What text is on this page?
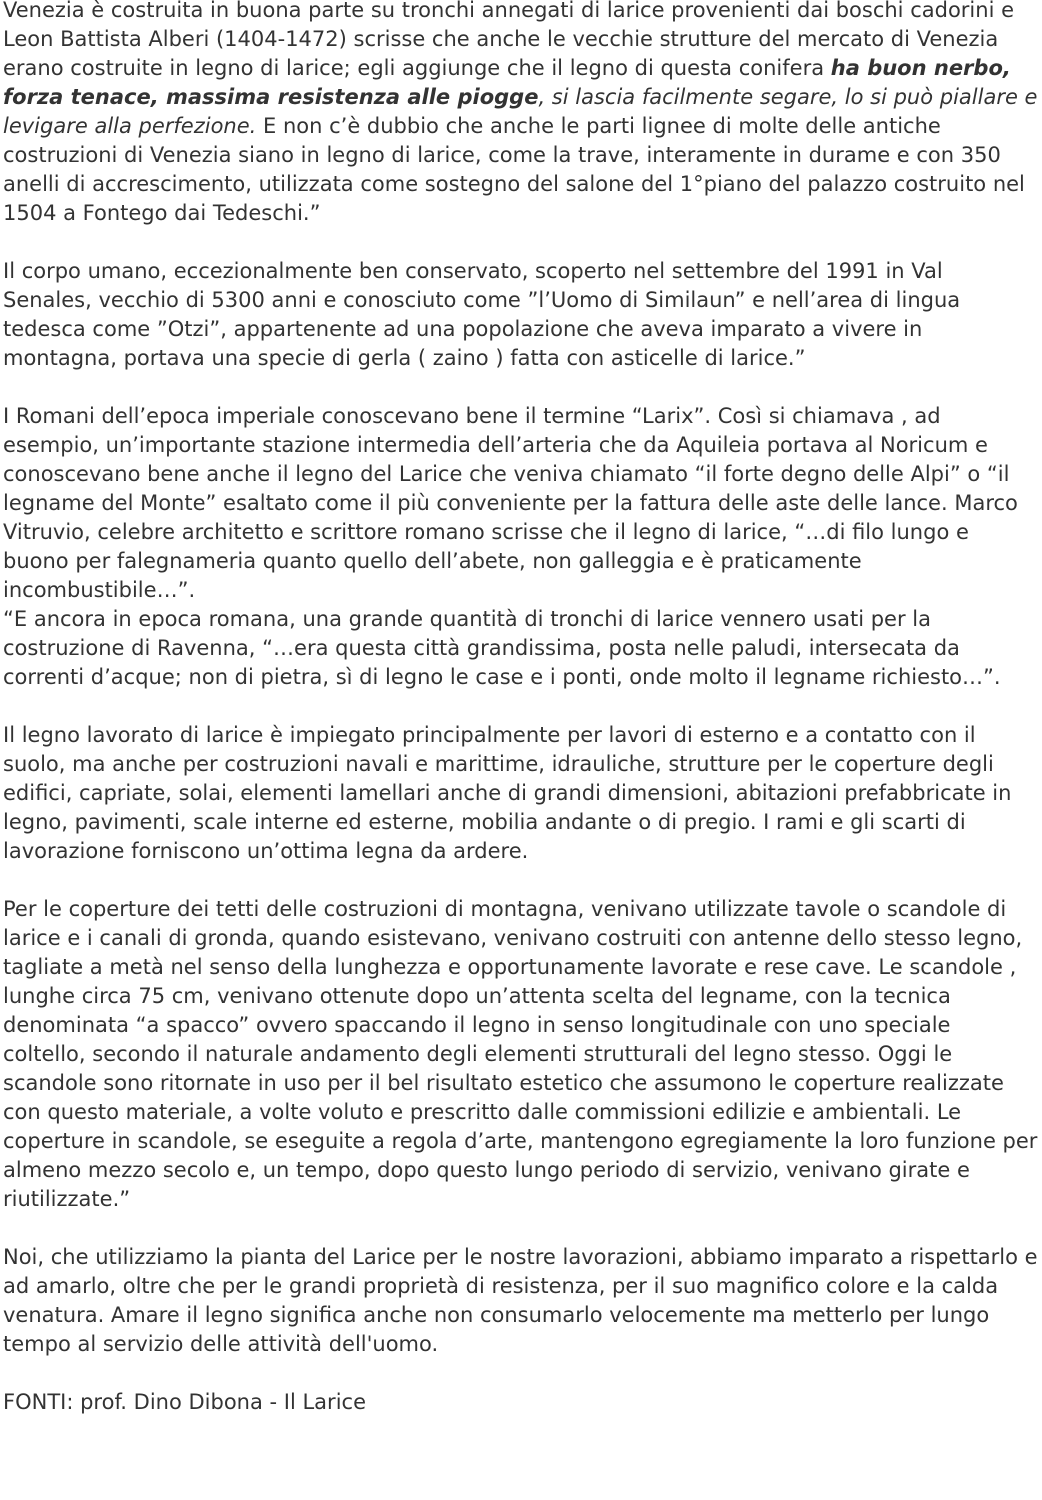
Venezia è costruita in buona parte su tronchi annegati di larice provenienti dai boschi cadorini e Leon Battista Alberi (1404-1472) scrisse che anche le vecchie strutture del mercato di Venezia erano costruite in legno di larice; egli aggiunge che il legno di questa conifera ha buon nerbo, forza tenace, massima resistenza alle piogge, si lascia facilmente segare, lo si può piallare e levigare alla perfezione. E non c’è dubbio che anche le parti lignee di molte delle antiche costruzioni di Venezia siano in legno di larice, come la trave, interamente in durame e con 350 anelli di accrescimento, utilizzata come sostegno del salone del 1°piano del palazzo costruito nel 1504 a Fontego dai Tedeschi.”

Il corpo umano, eccezionalmente ben conservato, scoperto nel settembre del 1991 in Val Senales, vecchio di 5300 anni e conosciuto come ”l’Uomo di Similaun” e nell’area di lingua tedesca come ”Otzi”, appartenente ad una popolazione che aveva imparato a vivere in montagna, portava una specie di gerla ( zaino ) fatta con asticelle di larice.”

I Romani dell’epoca imperiale conoscevano bene il termine “Larix”. Così si chiamava , ad esempio, un’importante stazione intermedia dell’arteria che da Aquileia portava al Noricum e conoscevano bene anche il legno del Larice che veniva chiamato “il forte degno delle Alpi” o “il legname del Monte” esaltato come il più conveniente per la fattura delle aste delle lance. Marco Vitruvio, celebre architetto e scrittore romano scrisse che il legno di larice, “…di filo lungo e buono per falegnameria quanto quello dell’abete, non galleggia e è praticamente incombustibile…”.

“E ancora in epoca romana, una grande quantità di tronchi di larice vennero usati per la costruzione di Ravenna, “…era questa città grandissima, posta nelle paludi, intersecata da correnti d’acque; non di pietra, sì di legno le case e i ponti, onde molto il legname richiesto…”.

Il legno lavorato di larice è impiegato principalmente per lavori di esterno e a contatto con il suolo, ma anche per costruzioni navali e marittime, idrauliche, strutture per le coperture degli edifici, capriate, solai, elementi lamellari anche di grandi dimensioni, abitazioni prefabbricate in legno, pavimenti, scale interne ed esterne, mobilia andante o di pregio. I rami e gli scarti di lavorazione forniscono un’ottima legna da ardere.

Per le coperture dei tetti delle costruzioni di montagna, venivano utilizzate tavole o scandole di larice e i canali di gronda, quando esistevano, venivano costruiti con antenne dello stesso legno, tagliate a metà nel senso della lunghezza e opportunamente lavorate e rese cave. Le scandole , lunghe circa 75 cm, venivano ottenute dopo un’attenta scelta del legname, con la tecnica denominata “a spacco” ovvero spaccando il legno in senso longitudinale con uno speciale coltello, secondo il naturale andamento degli elementi strutturali del legno stesso. Oggi le scandole sono ritornate in uso per il bel risultato estetico che assumono le coperture realizzate con questo materiale, a volte voluto e prescritto dalle commissioni edilizie e ambientali. Le coperture in scandole, se eseguite a regola d’arte, mantengono egregiamente la loro funzione per almeno mezzo secolo e, un tempo, dopo questo lungo periodo di servizio, venivano girate e riutilizzate.”

Noi, che utilizziamo la pianta del Larice per le nostre lavorazioni, abbiamo imparato a rispettarlo e ad amarlo, oltre che per le grandi proprietà di resistenza, per il suo magnifico colore e la calda venatura. Amare il legno significa anche non consumarlo velocemente ma metterlo per lungo tempo al servizio delle attività dell'uomo.

FONTI: prof. Dino Dibona - Il Larice
